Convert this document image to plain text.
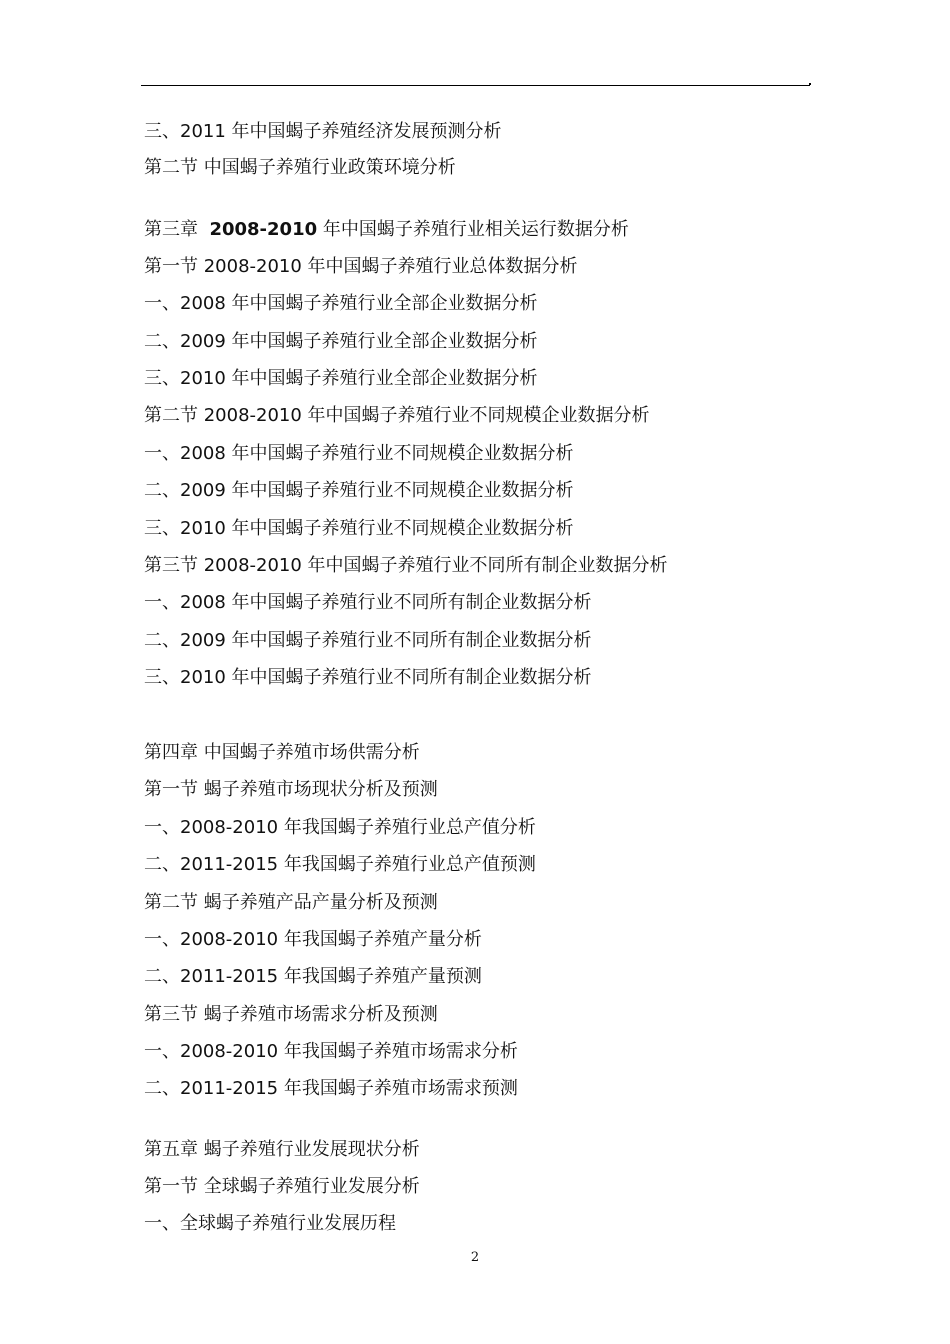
三、2011 年中国蝎子养殖经济发展预测分析
第二节 中国蝎子养殖行业政策环境分析
第三章 2008-2010 年中国蝎子养殖行业相关运行数据分析
第一节 2008-2010 年中国蝎子养殖行业总体数据分析
一、2008 年中国蝎子养殖行业全部企业数据分析
二、2009 年中国蝎子养殖行业全部企业数据分析
三、2010 年中国蝎子养殖行业全部企业数据分析
第二节 2008-2010 年中国蝎子养殖行业不同规模企业数据分析
一、2008 年中国蝎子养殖行业不同规模企业数据分析
二、2009 年中国蝎子养殖行业不同规模企业数据分析
三、2010 年中国蝎子养殖行业不同规模企业数据分析
第三节 2008-2010 年中国蝎子养殖行业不同所有制企业数据分析
一、2008 年中国蝎子养殖行业不同所有制企业数据分析
二、2009 年中国蝎子养殖行业不同所有制企业数据分析
三、2010 年中国蝎子养殖行业不同所有制企业数据分析
第四章 中国蝎子养殖市场供需分析
第一节 蝎子养殖市场现状分析及预测
一、2008-2010 年我国蝎子养殖行业总产值分析
二、2011-2015 年我国蝎子养殖行业总产值预测
第二节 蝎子养殖产品产量分析及预测
一、2008-2010 年我国蝎子养殖产量分析
二、2011-2015 年我国蝎子养殖产量预测
第三节 蝎子养殖市场需求分析及预测
一、2008-2010 年我国蝎子养殖市场需求分析
二、2011-2015 年我国蝎子养殖市场需求预测
第五章 蝎子养殖行业发展现状分析
第一节 全球蝎子养殖行业发展分析
一、全球蝎子养殖行业发展历程
2
